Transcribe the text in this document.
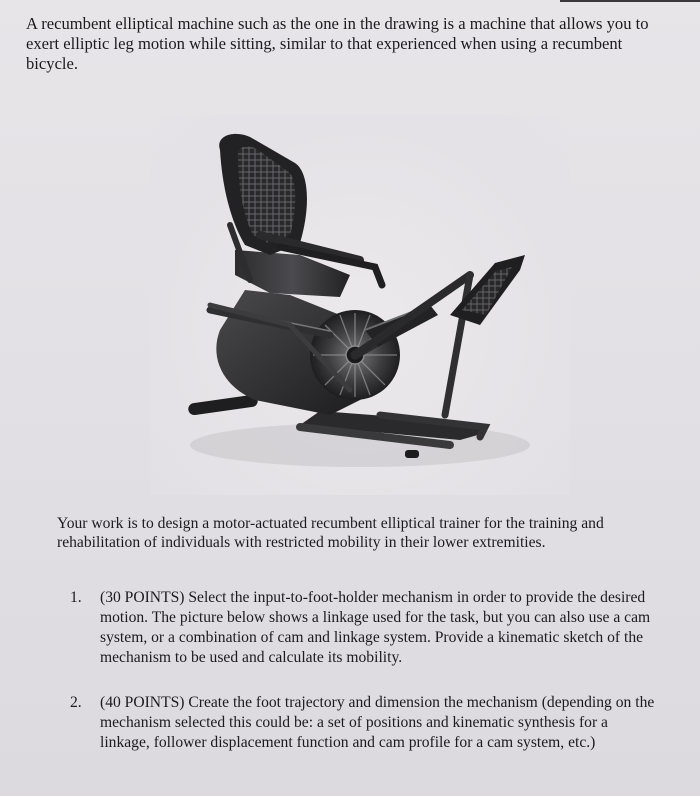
A recumbent elliptical machine such as the one in the drawing is a machine that allows you to exert elliptic leg motion while sitting, similar to that experienced when using a recumbent bicycle.

Your work is to design a motor-actuated recumbent elliptical trainer for the training and rehabilitation of individuals with restricted mobility in their lower extremities.

1.	(30 POINTS) Select the input-to-foot-holder mechanism in order to provide the desired motion. The picture below shows a linkage used for the task, but you can also use a cam system, or a combination of cam and linkage system. Provide a kinematic sketch of the mechanism to be used and calculate its mobility.
2.	(40 POINTS) Create the foot trajectory and dimension the mechanism (depending on the mechanism selected this could be: a set of positions and kinematic synthesis for a linkage, follower displacement function and cam profile for a cam system, etc.)
